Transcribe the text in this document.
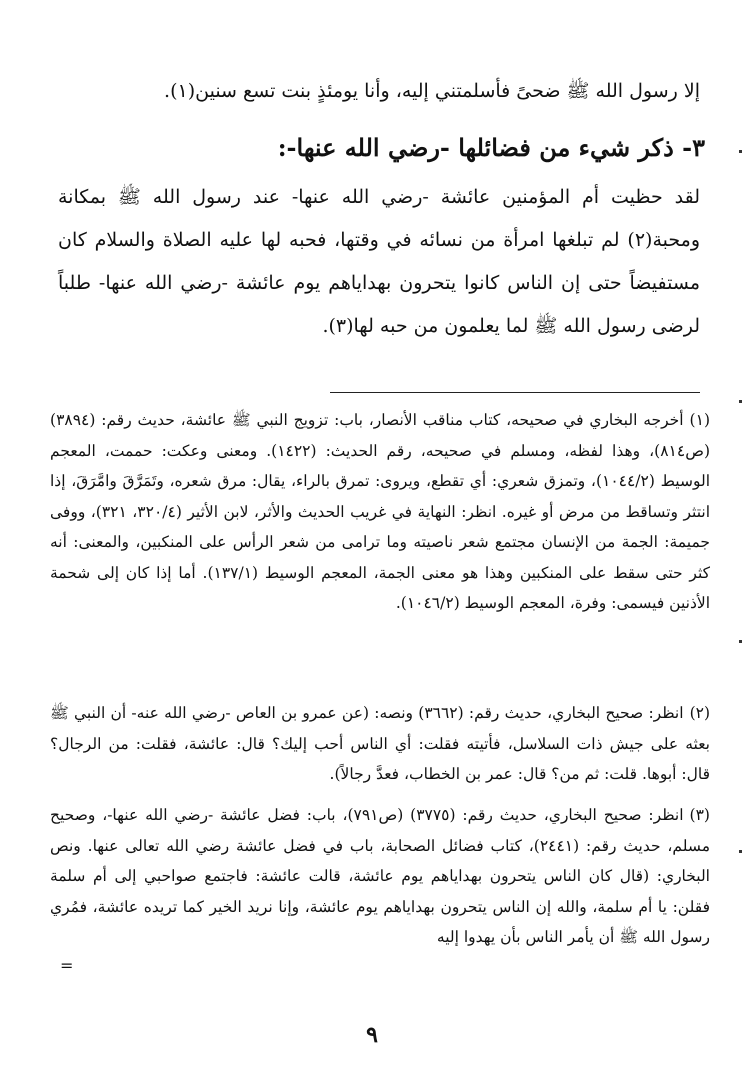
إلا رسول الله ﷺ ضحىً فأسلمتني إليه، وأنا يومئذٍ بنت تسع سنين(١).

٣- ذكر شيء من فضائلها -رضي الله عنها-:

لقد حظيت أم المؤمنين عائشة -رضي الله عنها- عند رسول الله ﷺ بمكانة ومحبة(٢) لم تبلغها امرأة من نسائه في وقتها، فحبه لها عليه الصلاة والسلام كان مستفيضاً حتى إن الناس كانوا يتحرون بهداياهم يوم عائشة -رضي الله عنها- طلباً لرضى رسول الله ﷺ لما يعلمون من حبه لها(٣).

(١)أخرجه البخاري في صحيحه، كتاب مناقب الأنصار، باب: تزويج النبي ﷺ عائشة، حديث رقم: (٣٨٩٤) (ص٨١٤)، وهذا لفظه، ومسلم في صحيحه، رقم الحديث: (١٤٢٢). ومعنى وعكت: حممت، المعجم الوسيط (١٠٤٤/٢)، وتمزق شعري: أي تقطع، ويروى: تمرق بالراء، يقال: مرق شعره، وتَمَرَّقَ وامَّرَقَ، إذا انتثر وتساقط من مرض أو غيره. انظر: النهاية في غريب الحديث والأثر، لابن الأثير (٣٢٠/٤، ٣٢١)، ووفى جميمة: الجمة من الإنسان مجتمع شعر ناصيته وما ترامى من شعر الرأس على المنكبين، والمعنى: أنه كثر حتى سقط على المنكبين وهذا هو معنى الجمة، المعجم الوسيط (١٣٧/١). أما إذا كان إلى شحمة الأذنين فيسمى: وفرة، المعجم الوسيط (١٠٤٦/٢).

(٢)انظر: صحيح البخاري، حديث رقم: (٣٦٦٢) ونصه: (عن عمرو بن العاص -رضي الله عنه- أن النبي ﷺ بعثه على جيش ذات السلاسل، فأتيته فقلت: أي الناس أحب إليك؟ قال: عائشة، فقلت: من الرجال؟ قال: أبوها. قلت: ثم من؟ قال: عمر بن الخطاب، فعدَّ رجالاً).

(٣)انظر: صحيح البخاري، حديث رقم: (٣٧٧٥) (ص٧٩١)، باب: فضل عائشة -رضي الله عنها-، وصحيح مسلم، حديث رقم: (٢٤٤١)، كتاب فضائل الصحابة، باب في فضل عائشة رضي الله تعالى عنها. ونص البخاري: (قال كان الناس يتحرون بهداياهم يوم عائشة، قالت عائشة: فاجتمع صواحبي إلى أم سلمة فقلن: يا أم سلمة، والله إن الناس يتحرون بهداياهم يوم عائشة، وإنا نريد الخير كما تريده عائشة، فمُري رسول الله ﷺ أن يأمر الناس بأن يهدوا إليه

=
٩
